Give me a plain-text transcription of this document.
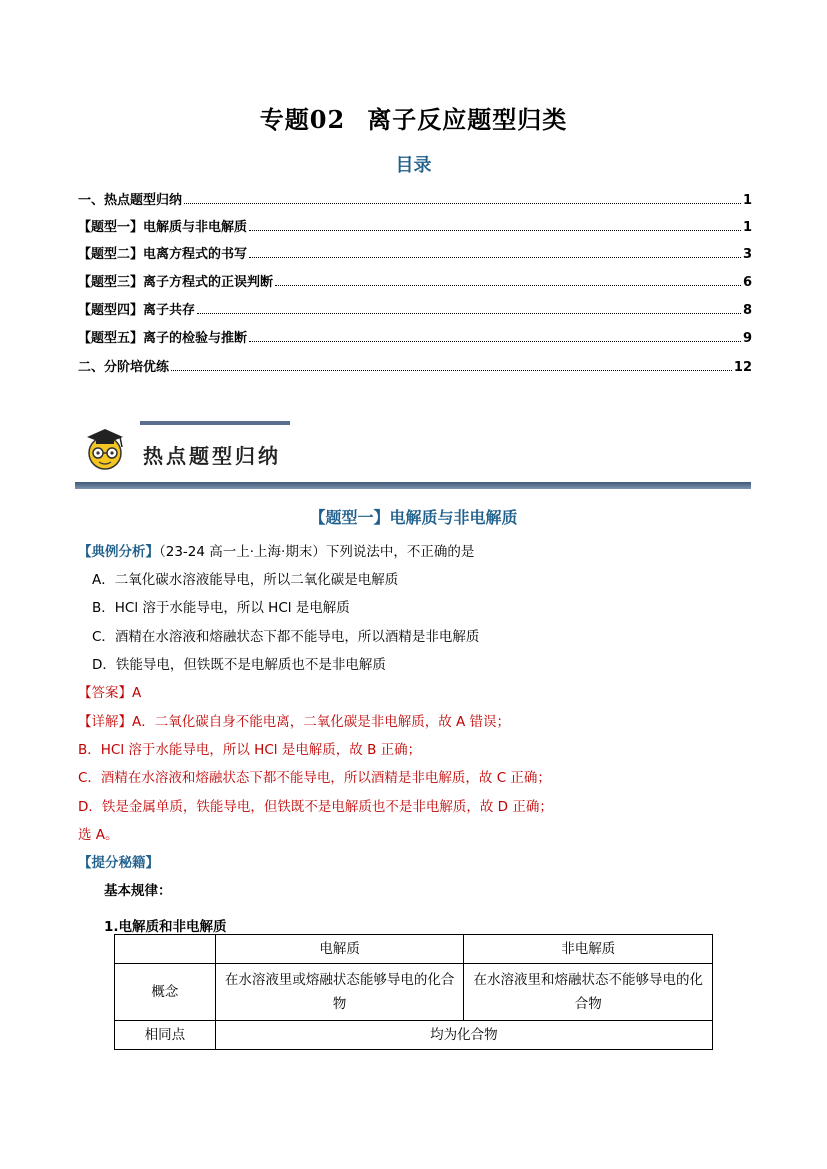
专题02 离子反应题型归类
目录
一、热点题型归纳	1
【题型一】电解质与非电解质	1
【题型二】电离方程式的书写	3
【题型三】离子方程式的正误判断	6
【题型四】离子共存	8
【题型五】离子的检验与推断	9
二、分阶培优练	12
热点题型归纳
【题型一】电解质与非电解质
【典例分析】（23-24 高一上·上海·期末）下列说法中，不正确的是
A．二氧化碳水溶液能导电，所以二氧化碳是电解质
B．HCl 溶于水能导电，所以 HCl 是电解质
C．酒精在水溶液和熔融状态下都不能导电，所以酒精是非电解质
D．铁能导电，但铁既不是电解质也不是非电解质
【答案】A
【详解】A．二氧化碳自身不能电离，二氧化碳是非电解质，故 A 错误；
B．HCl 溶于水能导电，所以 HCl 是电解质，故 B 正确；
C．酒精在水溶液和熔融状态下都不能导电，所以酒精是非电解质，故 C 正确；
D．铁是金属单质，铁能导电，但铁既不是电解质也不是非电解质，故 D 正确；
选 A。
【提分秘籍】
基本规律：
1.电解质和非电解质
	电解质	非电解质
概念	在水溶液里或熔融状态能够导电的化合物	在水溶液里和熔融状态不能够导电的化合物
相同点	均为化合物	
